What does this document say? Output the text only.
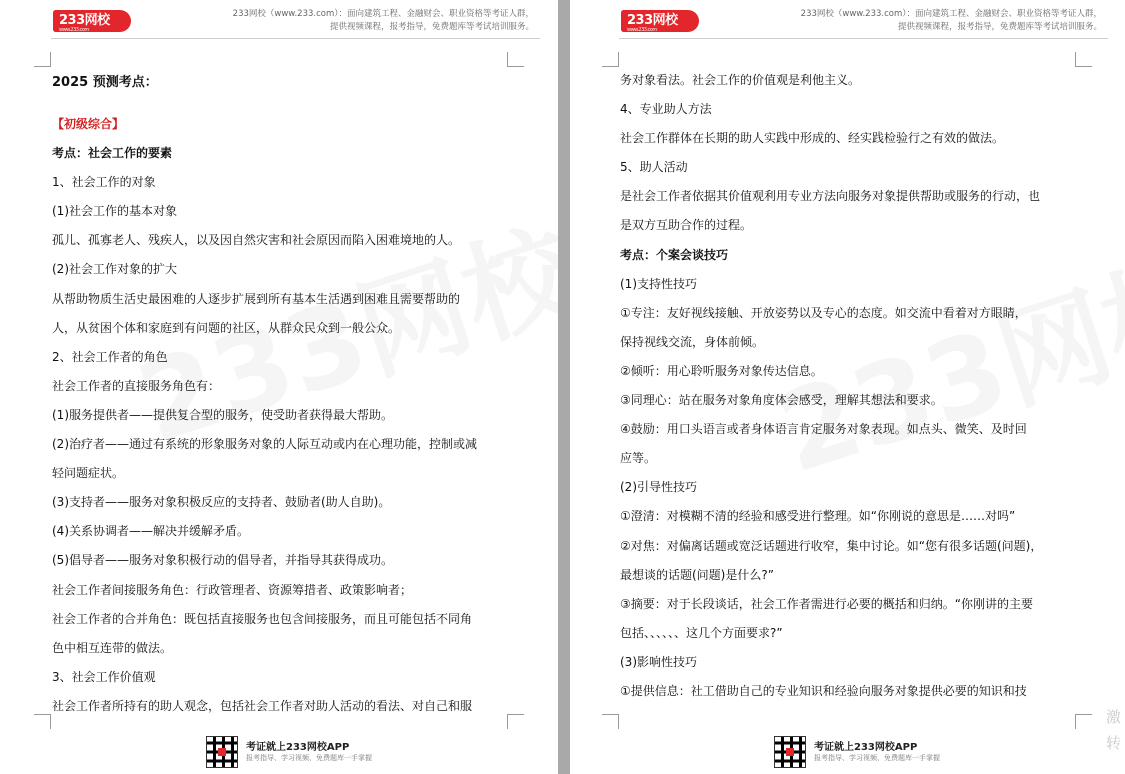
233网校
www.233.com
233网校（www.233.com）：面向建筑工程、金融财会、职业资格等考证人群，
提供视频课程，报考指导，免费题库等考试培训服务。
2025 预测考点：
【初级综合】
考点：社会工作的要素
1、社会工作的对象
(1)社会工作的基本对象
孤儿、孤寡老人、残疾人，以及因自然灾害和社会原因而陷入困难境地的人。
(2)社会工作对象的扩大
从帮助物质生活史最困难的人逐步扩展到所有基本生活遇到困难且需要帮助的
人，从贫困个体和家庭到有问题的社区，从群众民众到一般公众。
2、社会工作者的角色
社会工作者的直接服务角色有：
(1)服务提供者——提供复合型的服务，使受助者获得最大帮助。
(2)治疗者——通过有系统的形象服务对象的人际互动或内在心理功能，控制或减
轻问题症状。
(3)支持者——服务对象积极反应的支持者、鼓励者(助人自助)。
(4)关系协调者——解决并缓解矛盾。
(5)倡导者——服务对象积极行动的倡导者，并指导其获得成功。
社会工作者间接服务角色：行政管理者、资源筹措者、政策影响者；
社会工作者的合并角色：既包括直接服务也包含间接服务，而且可能包括不同角
色中相互连带的做法。
3、社会工作价值观
社会工作者所持有的助人观念，包括社会工作者对助人活动的看法、对自己和服
考证就上233网校APP
报考指导、学习视频、免费题库一手掌握
233网校
www.233.com
233网校（www.233.com）：面向建筑工程、金融财会、职业资格等考证人群，
提供视频课程，报考指导，免费题库等考试培训服务。
务对象看法。社会工作的价值观是利他主义。
4、专业助人方法
社会工作群体在长期的助人实践中形成的、经实践检验行之有效的做法。
5、助人活动
是社会工作者依据其价值观利用专业方法向服务对象提供帮助或服务的行动，也
是双方互助合作的过程。
考点：个案会谈技巧
(1)支持性技巧
①专注：友好视线接触、开放姿势以及专心的态度。如交流中看着对方眼睛，
保持视线交流，身体前倾。
②倾听：用心聆听服务对象传达信息。
③同理心：站在服务对象角度体会感受，理解其想法和要求。
④鼓励：用口头语言或者身体语言肯定服务对象表现。如点头、微笑、及时回
应等。
(2)引导性技巧
①澄清：对模糊不清的经验和感受进行整理。如“你刚说的意思是……对吗”
②对焦：对偏离话题或宽泛话题进行收窄，集中讨论。如“您有很多话题(问题)，
最想谈的话题(问题)是什么?”
③摘要：对于长段谈话，社会工作者需进行必要的概括和归纳。“你刚讲的主要
包括、、、、、、这几个方面要求?”
(3)影响性技巧
①提供信息：社工借助自己的专业知识和经验向服务对象提供必要的知识和技
考证就上233网校APP
报考指导、学习视频、免费题库一手掌握
激
转
